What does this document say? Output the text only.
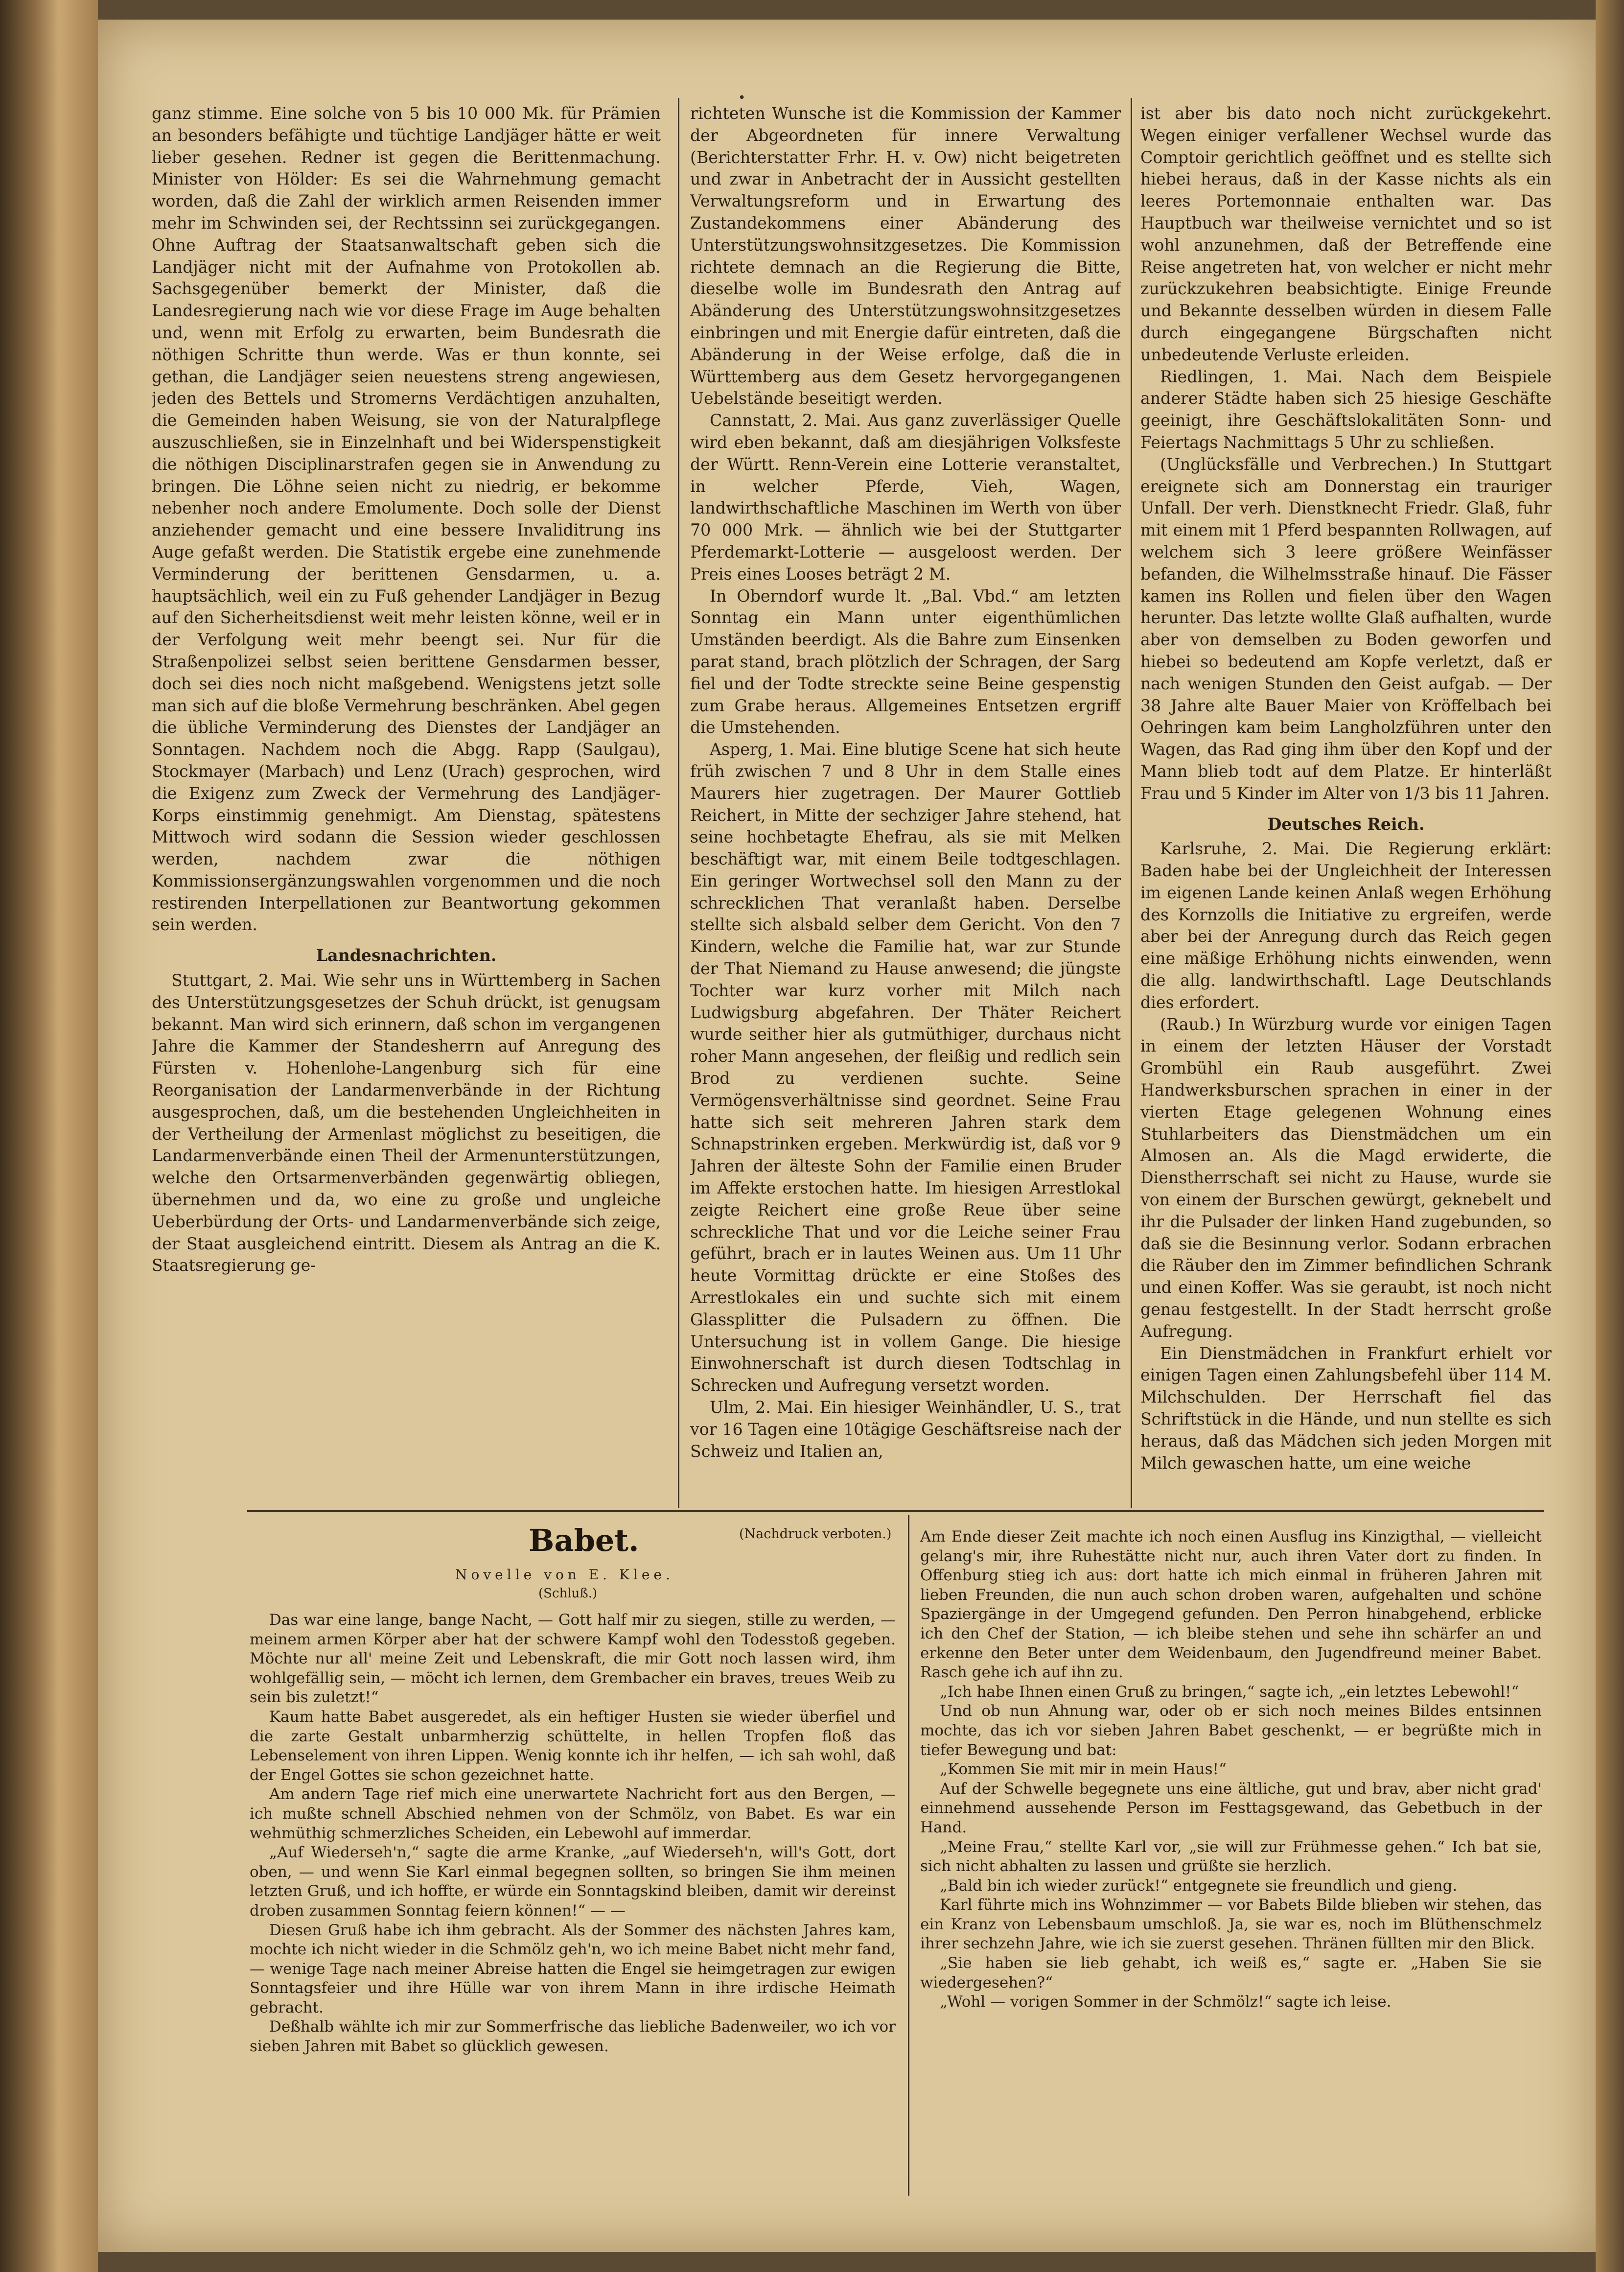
•

ganz stimme. Eine solche von 5 bis 10 000 Mk. für Prämien an besonders befähigte und tüchtige Landjäger hätte er weit lieber gesehen. Redner ist gegen die Berittenmachung. Minister von Hölder: Es sei die Wahrnehmung gemacht worden, daß die Zahl der wirklich armen Reisenden immer mehr im Schwinden sei, der Rechtssinn sei zurückgegangen. Ohne Auftrag der Staatsanwaltschaft geben sich die Landjäger nicht mit der Aufnahme von Protokollen ab. Sachsgegenüber bemerkt der Minister, daß die Landesregierung nach wie vor diese Frage im Auge behalten und, wenn mit Erfolg zu erwarten, beim Bundesrath die nöthigen Schritte thun werde. Was er thun konnte, sei gethan, die Landjäger seien neuestens streng angewiesen, jeden des Bettels und Stromerns Verdächtigen anzuhalten, die Gemeinden haben Weisung, sie von der Naturalpflege auszuschließen, sie in Einzelnhaft und bei Widerspenstigkeit die nöthigen Disciplinarstrafen gegen sie in Anwendung zu bringen. Die Löhne seien nicht zu niedrig, er bekomme nebenher noch andere Emolumente. Doch solle der Dienst anziehender gemacht und eine bessere Invaliditrung ins Auge gefaßt werden. Die Statistik ergebe eine zunehmende Verminderung der berittenen Gensdarmen, u. a. hauptsächlich, weil ein zu Fuß gehender Landjäger in Bezug auf den Sicherheitsdienst weit mehr leisten könne, weil er in der Verfolgung weit mehr beengt sei. Nur für die Straßenpolizei selbst seien berittene Gensdarmen besser, doch sei dies noch nicht maßgebend. Wenigstens jetzt solle man sich auf die bloße Vermehrung beschränken. Abel gegen die übliche Verminderung des Dienstes der Landjäger an Sonntagen. Nachdem noch die Abgg. Rapp (Saulgau), Stockmayer (Marbach) und Lenz (Urach) gesprochen, wird die Exigenz zum Zweck der Vermehrung des Landjäger-Korps einstimmig genehmigt. Am Dienstag, spätestens Mittwoch wird sodann die Session wieder geschlossen werden, nachdem zwar die nöthigen Kommissionsergänzungswahlen vorgenommen und die noch restirenden Interpellationen zur Beantwortung gekommen sein werden.

Landesnachrichten.

Stuttgart, 2. Mai. Wie sehr uns in Württemberg in Sachen des Unterstützungsgesetzes der Schuh drückt, ist genugsam bekannt. Man wird sich erinnern, daß schon im vergangenen Jahre die Kammer der Standesherrn auf Anregung des Fürsten v. Hohenlohe-Langenburg sich für eine Reorganisation der Landarmenverbände in der Richtung ausgesprochen, daß, um die bestehenden Ungleichheiten in der Vertheilung der Armenlast möglichst zu beseitigen, die Landarmenverbände einen Theil der Armenunterstützungen, welche den Ortsarmenverbänden gegenwärtig obliegen, übernehmen und da, wo eine zu große und ungleiche Ueberbürdung der Orts- und Landarmenverbände sich zeige, der Staat ausgleichend eintritt. Diesem als Antrag an die K. Staatsregierung ge-

richteten Wunsche ist die Kommission der Kammer der Abgeordneten für innere Verwaltung (Berichterstatter Frhr. H. v. Ow) nicht beigetreten und zwar in Anbetracht der in Aussicht gestellten Verwaltungsreform und in Erwartung des Zustandekommens einer Abänderung des Unterstützungswohnsitzgesetzes. Die Kommission richtete demnach an die Regierung die Bitte, dieselbe wolle im Bundesrath den Antrag auf Abänderung des Unterstützungswohnsitzgesetzes einbringen und mit Energie dafür eintreten, daß die Abänderung in der Weise erfolge, daß die in Württemberg aus dem Gesetz hervorgegangenen Uebelstände beseitigt werden.

Cannstatt, 2. Mai. Aus ganz zuverlässiger Quelle wird eben bekannt, daß am diesjährigen Volksfeste der Württ. Renn-Verein eine Lotterie veranstaltet, in welcher Pferde, Vieh, Wagen, landwirthschaftliche Maschinen im Werth von über 70 000 Mrk. — ähnlich wie bei der Stuttgarter Pferdemarkt-Lotterie — ausgeloost werden. Der Preis eines Looses beträgt 2 M.

In Oberndorf wurde lt. „Bal. Vbd.“ am letzten Sonntag ein Mann unter eigenthümlichen Umständen beerdigt. Als die Bahre zum Einsenken parat stand, brach plötzlich der Schragen, der Sarg fiel und der Todte streckte seine Beine gespenstig zum Grabe heraus. Allgemeines Entsetzen ergriff die Umstehenden.

Asperg, 1. Mai. Eine blutige Scene hat sich heute früh zwischen 7 und 8 Uhr in dem Stalle eines Maurers hier zugetragen. Der Maurer Gottlieb Reichert, in Mitte der sechziger Jahre stehend, hat seine hochbetagte Ehefrau, als sie mit Melken beschäftigt war, mit einem Beile todtgeschlagen. Ein geringer Wortwechsel soll den Mann zu der schrecklichen That veranlaßt haben. Derselbe stellte sich alsbald selber dem Gericht. Von den 7 Kindern, welche die Familie hat, war zur Stunde der That Niemand zu Hause anwesend; die jüngste Tochter war kurz vorher mit Milch nach Ludwigsburg abgefahren. Der Thäter Reichert wurde seither hier als gutmüthiger, durchaus nicht roher Mann angesehen, der fleißig und redlich sein Brod zu verdienen suchte. Seine Vermögensverhältnisse sind geordnet. Seine Frau hatte sich seit mehreren Jahren stark dem Schnapstrinken ergeben. Merkwürdig ist, daß vor 9 Jahren der älteste Sohn der Familie einen Bruder im Affekte erstochen hatte. Im hiesigen Arrestlokal zeigte Reichert eine große Reue über seine schreckliche That und vor die Leiche seiner Frau geführt, brach er in lautes Weinen aus. Um 11 Uhr heute Vormittag drückte er eine Stoßes des Arrestlokales ein und suchte sich mit einem Glassplitter die Pulsadern zu öffnen. Die Untersuchung ist in vollem Gange. Die hiesige Einwohnerschaft ist durch diesen Todtschlag in Schrecken und Aufregung versetzt worden.

Ulm, 2. Mai. Ein hiesiger Weinhändler, U. S., trat vor 16 Tagen eine 10tägige Geschäftsreise nach der Schweiz und Italien an,

ist aber bis dato noch nicht zurückgekehrt. Wegen einiger verfallener Wechsel wurde das Comptoir gerichtlich geöffnet und es stellte sich hiebei heraus, daß in der Kasse nichts als ein leeres Portemonnaie enthalten war. Das Hauptbuch war theilweise vernichtet und so ist wohl anzunehmen, daß der Betreffende eine Reise angetreten hat, von welcher er nicht mehr zurückzukehren beabsichtigte. Einige Freunde und Bekannte desselben würden in diesem Falle durch eingegangene Bürgschaften nicht unbedeutende Verluste erleiden.

Riedlingen, 1. Mai. Nach dem Beispiele anderer Städte haben sich 25 hiesige Geschäfte geeinigt, ihre Geschäftslokalitäten Sonn- und Feiertags Nachmittags 5 Uhr zu schließen.

(Unglücksfälle und Verbrechen.) In Stuttgart ereignete sich am Donnerstag ein trauriger Unfall. Der verh. Dienstknecht Friedr. Glaß, fuhr mit einem mit 1 Pferd bespannten Rollwagen, auf welchem sich 3 leere größere Weinfässer befanden, die Wilhelmsstraße hinauf. Die Fässer kamen ins Rollen und fielen über den Wagen herunter. Das letzte wollte Glaß aufhalten, wurde aber von demselben zu Boden geworfen und hiebei so bedeutend am Kopfe verletzt, daß er nach wenigen Stunden den Geist aufgab. — Der 38 Jahre alte Bauer Maier von Kröffelbach bei Oehringen kam beim Langholzführen unter den Wagen, das Rad ging ihm über den Kopf und der Mann blieb todt auf dem Platze. Er hinterläßt Frau und 5 Kinder im Alter von 1/3 bis 11 Jahren.

Deutsches Reich.

Karlsruhe, 2. Mai. Die Regierung erklärt: Baden habe bei der Ungleichheit der Interessen im eigenen Lande keinen Anlaß wegen Erhöhung des Kornzolls die Initiative zu ergreifen, werde aber bei der Anregung durch das Reich gegen eine mäßige Erhöhung nichts einwenden, wenn die allg. landwirthschaftl. Lage Deutschlands dies erfordert.

(Raub.) In Würzburg wurde vor einigen Tagen in einem der letzten Häuser der Vorstadt Grombühl ein Raub ausgeführt. Zwei Handwerksburschen sprachen in einer in der vierten Etage gelegenen Wohnung eines Stuhlarbeiters das Dienstmädchen um ein Almosen an. Als die Magd erwiderte, die Dienstherrschaft sei nicht zu Hause, wurde sie von einem der Burschen gewürgt, geknebelt und ihr die Pulsader der linken Hand zugebunden, so daß sie die Besinnung verlor. Sodann erbrachen die Räuber den im Zimmer befindlichen Schrank und einen Koffer. Was sie geraubt, ist noch nicht genau festgestellt. In der Stadt herrscht große Aufregung.

Ein Dienstmädchen in Frankfurt erhielt vor einigen Tagen einen Zahlungsbefehl über 114 M. Milchschulden. Der Herrschaft fiel das Schriftstück in die Hände, und nun stellte es sich heraus, daß das Mädchen sich jeden Morgen mit Milch gewaschen hatte, um eine weiche

Babet.	(Nachdruck verboten.)
Novelle von E. Klee.
(Schluß.)

Das war eine lange, bange Nacht, — Gott half mir zu siegen, stille zu werden, — meinem armen Körper aber hat der schwere Kampf wohl den Todesstoß gegeben. Möchte nur all' meine Zeit und Lebenskraft, die mir Gott noch lassen wird, ihm wohlgefällig sein, — möcht ich lernen, dem Grembacher ein braves, treues Weib zu sein bis zuletzt!“

Kaum hatte Babet ausgeredet, als ein heftiger Husten sie wieder überfiel und die zarte Gestalt unbarmherzig schüttelte, in hellen Tropfen floß das Lebenselement von ihren Lippen. Wenig konnte ich ihr helfen, — ich sah wohl, daß der Engel Gottes sie schon gezeichnet hatte.

Am andern Tage rief mich eine unerwartete Nachricht fort aus den Bergen, — ich mußte schnell Abschied nehmen von der Schmölz, von Babet. Es war ein wehmüthig schmerzliches Scheiden, ein Lebewohl auf immerdar.

„Auf Wiederseh'n,“ sagte die arme Kranke, „auf Wiederseh'n, will's Gott, dort oben, — und wenn Sie Karl einmal begegnen sollten, so bringen Sie ihm meinen letzten Gruß, und ich hoffte, er würde ein Sonntagskind bleiben, damit wir dereinst droben zusammen Sonntag feiern können!“ — —

Diesen Gruß habe ich ihm gebracht. Als der Sommer des nächsten Jahres kam, mochte ich nicht wieder in die Schmölz geh'n, wo ich meine Babet nicht mehr fand, — wenige Tage nach meiner Abreise hatten die Engel sie heimgetragen zur ewigen Sonntagsfeier und ihre Hülle war von ihrem Mann in ihre irdische Heimath gebracht.

Deßhalb wählte ich mir zur Sommerfrische das liebliche Badenweiler, wo ich vor sieben Jahren mit Babet so glücklich gewesen.

Am Ende dieser Zeit machte ich noch einen Ausflug ins Kinzigthal, — vielleicht gelang's mir, ihre Ruhestätte nicht nur, auch ihren Vater dort zu finden. In Offenburg stieg ich aus: dort hatte ich mich einmal in früheren Jahren mit lieben Freunden, die nun auch schon droben waren, aufgehalten und schöne Spaziergänge in der Umgegend gefunden. Den Perron hinabgehend, erblicke ich den Chef der Station, — ich bleibe stehen und sehe ihn schärfer an und erkenne den Beter unter dem Weidenbaum, den Jugendfreund meiner Babet. Rasch gehe ich auf ihn zu.

„Ich habe Ihnen einen Gruß zu bringen,“ sagte ich, „ein letztes Lebewohl!“

Und ob nun Ahnung war, oder ob er sich noch meines Bildes entsinnen mochte, das ich vor sieben Jahren Babet geschenkt, — er begrüßte mich in tiefer Bewegung und bat:

„Kommen Sie mit mir in mein Haus!“

Auf der Schwelle begegnete uns eine ältliche, gut und brav, aber nicht grad' einnehmend aussehende Person im Festtagsgewand, das Gebetbuch in der Hand.

„Meine Frau,“ stellte Karl vor, „sie will zur Frühmesse gehen.“ Ich bat sie, sich nicht abhalten zu lassen und grüßte sie herzlich.

„Bald bin ich wieder zurück!“ entgegnete sie freundlich und gieng.

Karl führte mich ins Wohnzimmer — vor Babets Bilde blieben wir stehen, das ein Kranz von Lebensbaum umschloß. Ja, sie war es, noch im Blüthenschmelz ihrer sechzehn Jahre, wie ich sie zuerst gesehen. Thränen füllten mir den Blick.

„Sie haben sie lieb gehabt, ich weiß es,“ sagte er. „Haben Sie sie wiedergesehen?“

„Wohl — vorigen Sommer in der Schmölz!“ sagte ich leise.
